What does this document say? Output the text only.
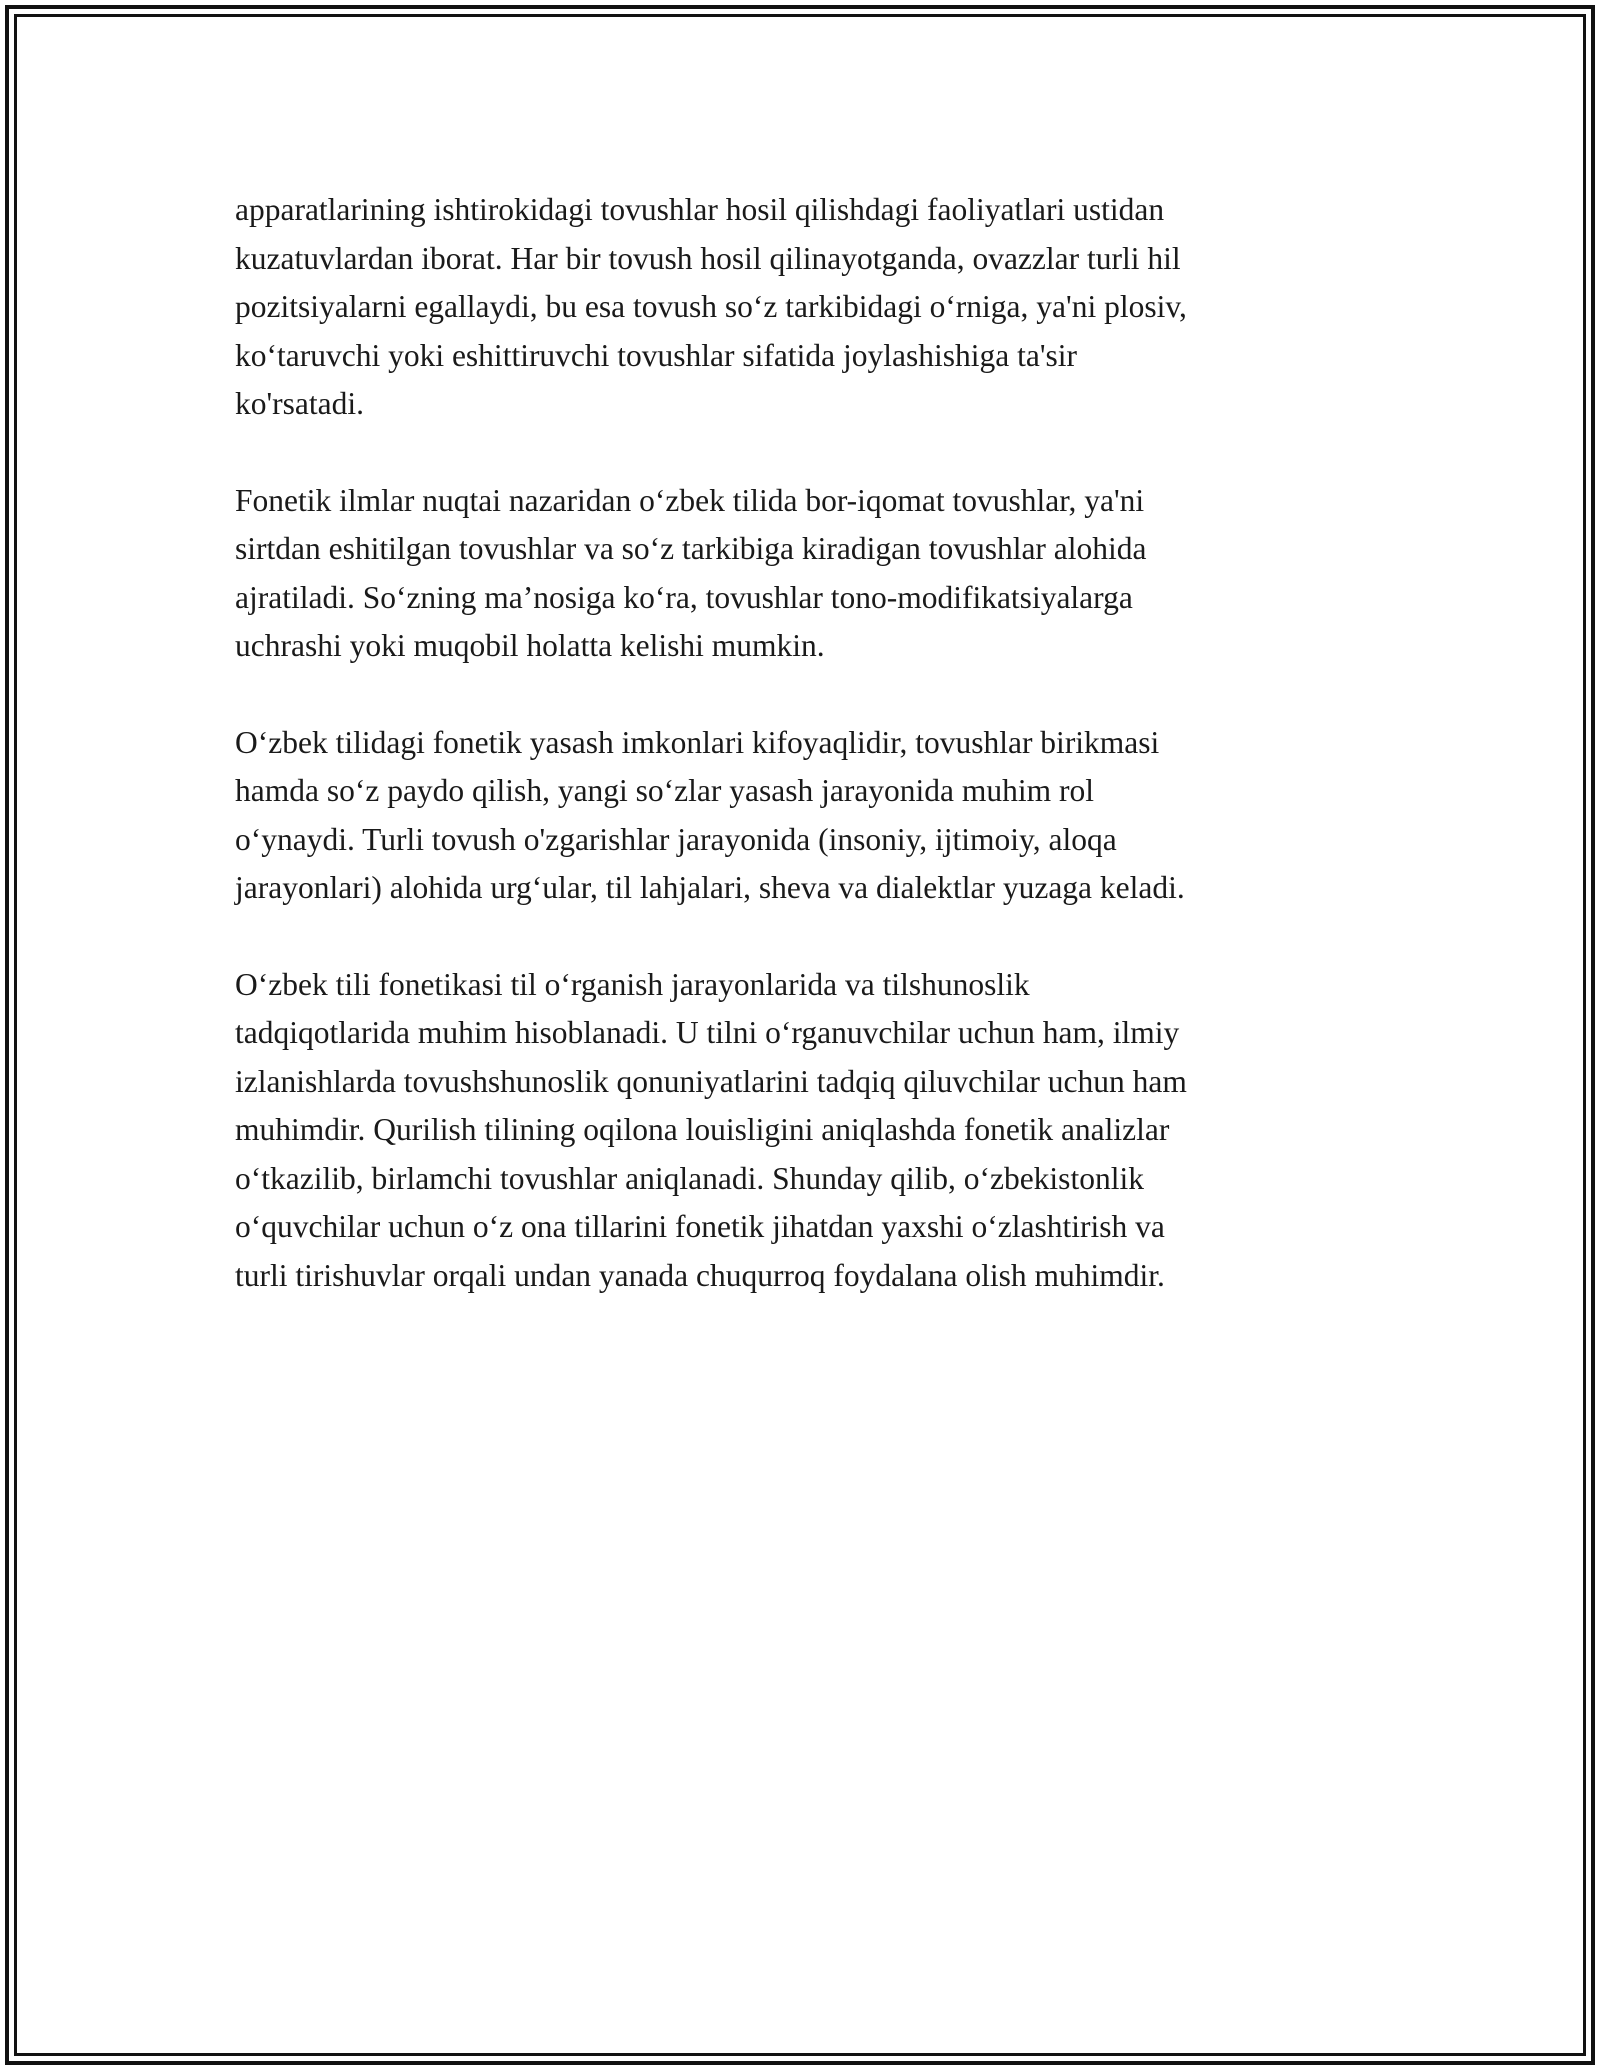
apparatlarining ishtirokidagi tovushlar hosil qilishdagi faoliyatlari ustidan
kuzatuvlardan iborat. Har bir tovush hosil qilinayotganda, ovazzlar turli hil
pozitsiyalarni egallaydi, bu esa tovush soʻz tarkibidagi oʻrniga, ya'ni plosiv,
koʻtaruvchi yoki eshittiruvchi tovushlar sifatida joylashishiga ta'sir
ko'rsatadi.

Fonetik ilmlar nuqtai nazaridan oʻzbek tilida bor-iqomat tovushlar, ya'ni
sirtdan eshitilgan tovushlar va soʻz tarkibiga kiradigan tovushlar alohida
ajratiladi. Soʻzning maʼnosiga koʻra, tovushlar tono-modifikatsiyalarga
uchrashi yoki muqobil holatta kelishi mumkin.

Oʻzbek tilidagi fonetik yasash imkonlari kifoyaqlidir, tovushlar birikmasi
hamda soʻz paydo qilish, yangi soʻzlar yasash jarayonida muhim rol
oʻynaydi. Turli tovush o'zgarishlar jarayonida (insoniy, ijtimoiy, aloqa
jarayonlari) alohida urgʻular, til lahjalari, sheva va dialektlar yuzaga keladi.

Oʻzbek tili fonetikasi til oʻrganish jarayonlarida va tilshunoslik
tadqiqotlarida muhim hisoblanadi. U tilni oʻrganuvchilar uchun ham, ilmiy
izlanishlarda tovushshunoslik qonuniyatlarini tadqiq qiluvchilar uchun ham
muhimdir. Qurilish tilining oqilona louisligini aniqlashda fonetik analizlar
oʻtkazilib, birlamchi tovushlar aniqlanadi. Shunday qilib, oʻzbekistonlik
oʻquvchilar uchun oʻz ona tillarini fonetik jihatdan yaxshi oʻzlashtirish va
turli tirishuvlar orqali undan yanada chuqurroq foydalana olish muhimdir.
